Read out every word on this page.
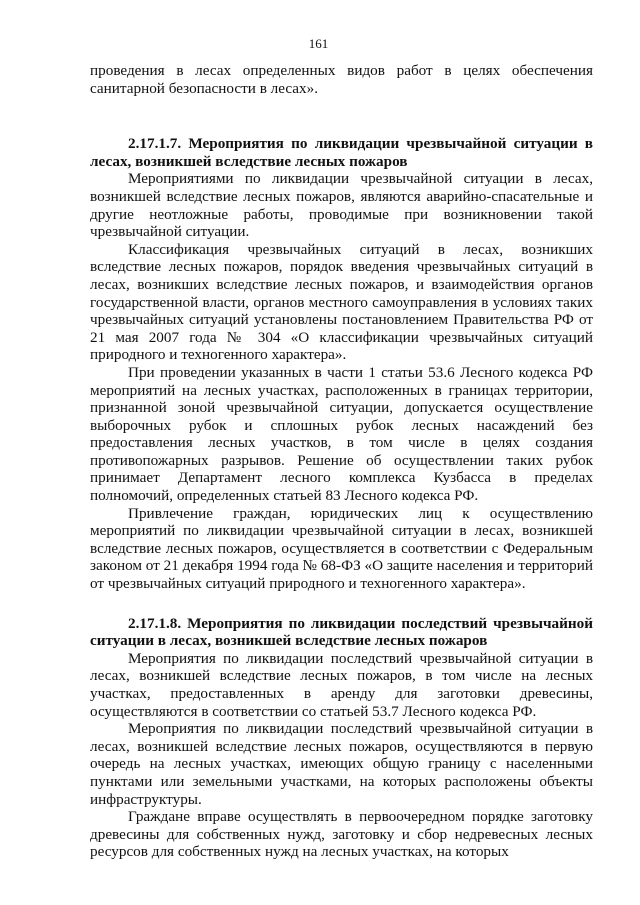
161

проведения в лесах определенных видов работ в целях обеспечения санитарной безопасности в лесах».

2.17.1.7. Мероприятия по ликвидации чрезвычайной ситуации в лесах, возникшей вследствие лесных пожаров

Мероприятиями по ликвидации чрезвычайной ситуации в лесах, возникшей вследствие лесных пожаров, являются аварийно-спасательные и другие неотложные работы, проводимые при возникновении такой чрезвычайной ситуации.

Классификация чрезвычайных ситуаций в лесах, возникших вследствие лесных пожаров, порядок введения чрезвычайных ситуаций в лесах, возникших вследствие лесных пожаров, и взаимодействия органов государственной власти, органов местного самоуправления в условиях таких чрезвычайных ситуаций установлены постановлением Правительства РФ от 21 мая 2007 года № 304 «О классификации чрезвычайных ситуаций природного и техногенного характера».

При проведении указанных в части 1 статьи 53.6 Лесного кодекса РФ мероприятий на лесных участках, расположенных в границах территории, признанной зоной чрезвычайной ситуации, допускается осуществление выборочных рубок и сплошных рубок лесных насаждений без предоставления лесных участков, в том числе в целях создания противопожарных разрывов. Решение об осуществлении таких рубок принимает Департамент лесного комплекса Кузбасса в пределах полномочий, определенных статьей 83 Лесного кодекса РФ.

Привлечение граждан, юридических лиц к осуществлению мероприятий по ликвидации чрезвычайной ситуации в лесах, возникшей вследствие лесных пожаров, осуществляется в соответствии с Федеральным законом от 21 декабря 1994 года № 68-ФЗ «О защите населения и территорий от чрезвычайных ситуаций природного и техногенного характера».

2.17.1.8. Мероприятия по ликвидации последствий чрезвычайной ситуации в лесах, возникшей вследствие лесных пожаров

Мероприятия по ликвидации последствий чрезвычайной ситуации в лесах, возникшей вследствие лесных пожаров, в том числе на лесных участках, предоставленных в аренду для заготовки древесины, осуществляются в соответствии со статьей 53.7 Лесного кодекса РФ.

Мероприятия по ликвидации последствий чрезвычайной ситуации в лесах, возникшей вследствие лесных пожаров, осуществляются в первую очередь на лесных участках, имеющих общую границу с населенными пунктами или земельными участками, на которых расположены объекты инфраструктуры.

Граждане вправе осуществлять в первоочередном порядке заготовку древесины для собственных нужд, заготовку и сбор недревесных лесных ресурсов для собственных нужд на лесных участках, на которых
